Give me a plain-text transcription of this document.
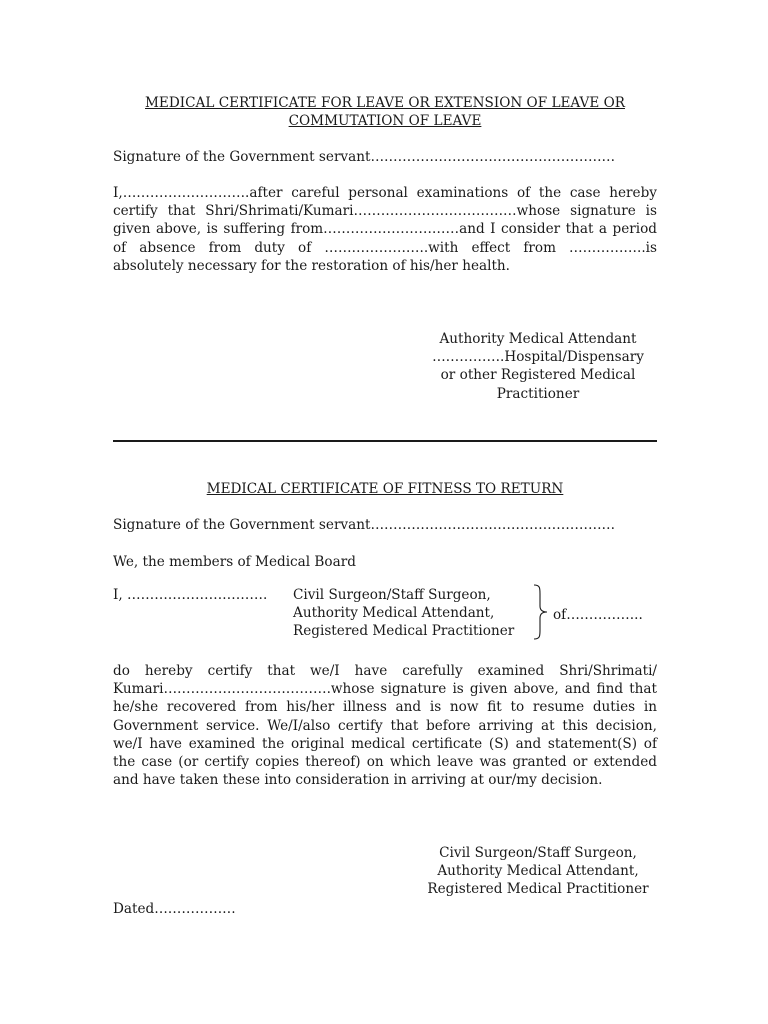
MEDICAL CERTIFICATE FOR LEAVE OR EXTENSION OF LEAVE OR
COMMUTATION OF LEAVE

Signature of the Government servant………………………………………………

I,……………………….after careful personal examinations of the case hereby certify that Shri/Shrimati/Kumari………………………………whose signature is given above, is suffering from…………………………and I consider that a period of absence from duty of …………………..with effect from ……………..is absolutely necessary for the restoration of his/her health.

Authority Medical Attendant
…………….Hospital/Dispensary
or other Registered Medical
Practitioner

MEDICAL CERTIFICATE OF FITNESS TO RETURN

Signature of the Government servant………………………………………………

We, the members of Medical Board

I, …………………………. Civil Surgeon/Staff Surgeon,
Authority Medical Attendant,
Registered Medical Practitioner
of……………..

do hereby certify that we/I have carefully examined Shri/Shrimati/ Kumari……………………………….whose signature is given above, and find that he/she recovered from his/her illness and is now fit to resume duties in Government service. We/I/also certify that before arriving at this decision, we/I have examined the original medical certificate (S) and statement(S) of the case (or certify copies thereof) on which leave was granted or extended and have taken these into consideration in arriving at our/my decision.

Civil Surgeon/Staff Surgeon,
Authority Medical Attendant,
Registered Medical Practitioner

Dated………………
